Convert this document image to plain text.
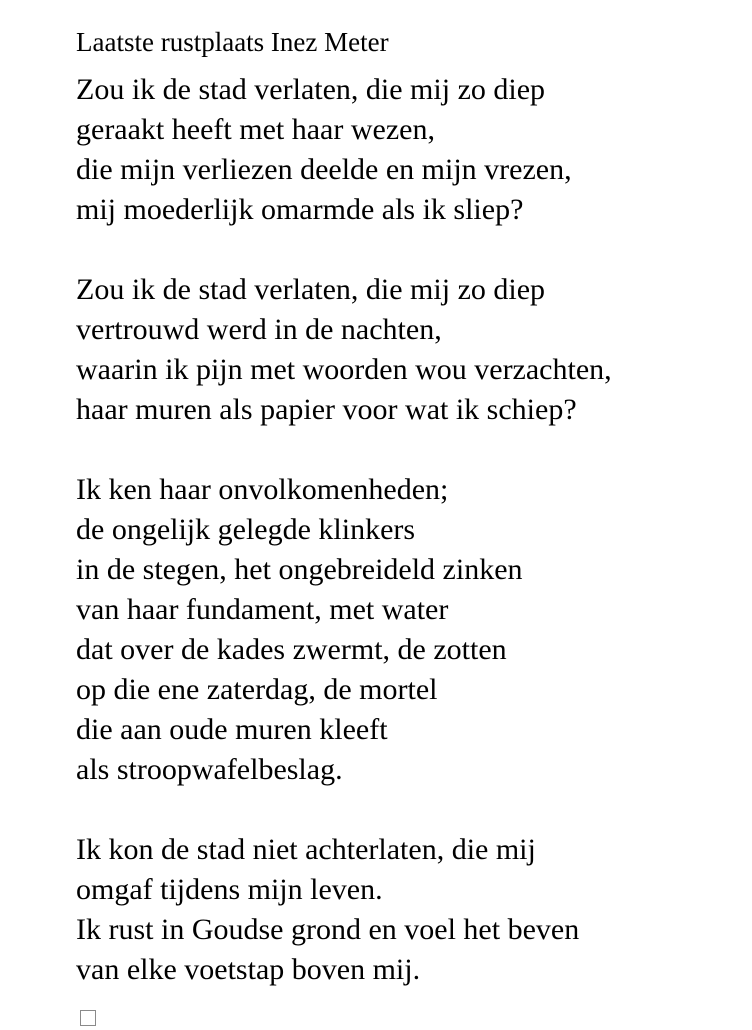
Laatste rustplaats Inez Meter
Zou ik de stad verlaten, die mij zo diep
geraakt heeft met haar wezen,
die mijn verliezen deelde en mijn vrezen,
mij moederlijk omarmde als ik sliep?
Zou ik de stad verlaten, die mij zo diep
vertrouwd werd in de nachten,
waarin ik pijn met woorden wou verzachten,
haar muren als papier voor wat ik schiep?
Ik ken haar onvolkomenheden;
de ongelijk gelegde klinkers
in de stegen, het ongebreideld zinken
van haar fundament, met water
dat over de kades zwermt, de zotten
op die ene zaterdag, de mortel
die aan oude muren kleeft
als stroopwafelbeslag.
Ik kon de stad niet achterlaten, die mij
omgaf tijdens mijn leven.
Ik rust in Goudse grond en voel het beven
van elke voetstap boven mij.
